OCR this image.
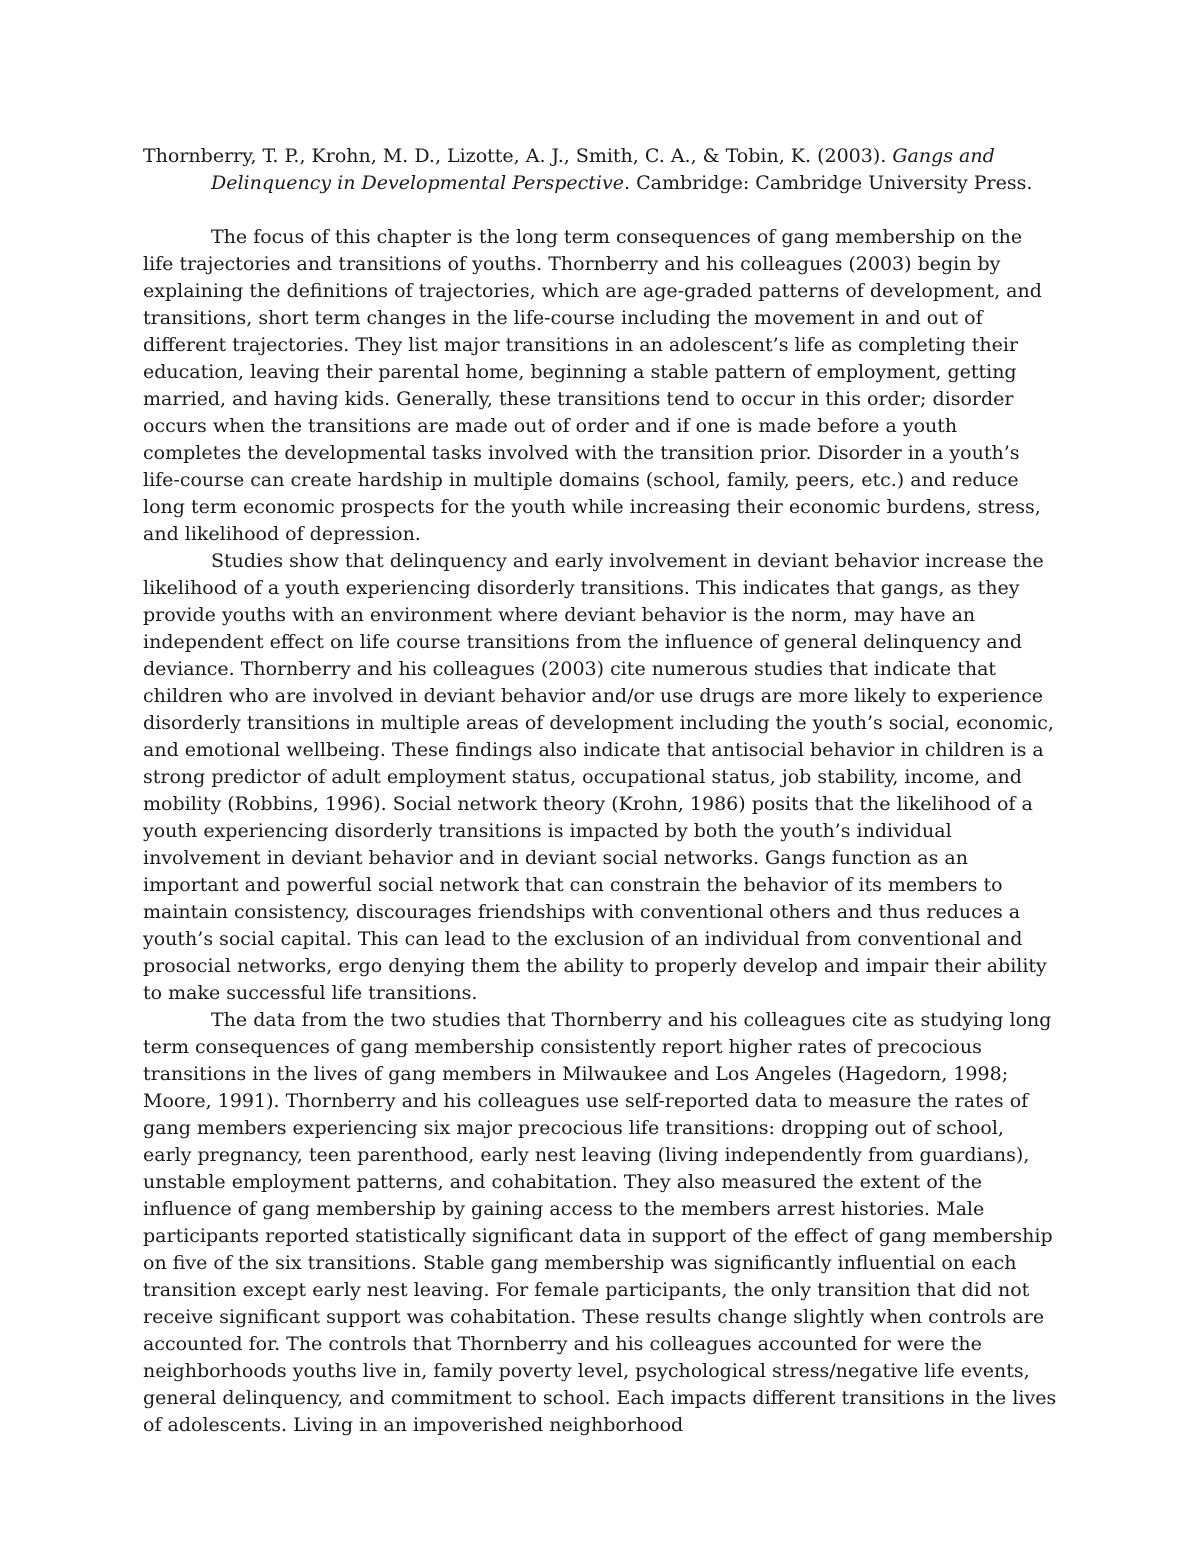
Thornberry, T. P., Krohn, M. D., Lizotte, A. J., Smith, C. A., & Tobin, K. (2003). Gangs and Delinquency in Developmental Perspective. Cambridge: Cambridge University Press.

The focus of this chapter is the long term consequences of gang membership on the life trajectories and transitions of youths. Thornberry and his colleagues (2003) begin by explaining the definitions of trajectories, which are age-graded patterns of development, and transitions, short term changes in the life-course including the movement in and out of different trajectories. They list major transitions in an adolescent’s life as completing their education, leaving their parental home, beginning a stable pattern of employment, getting married, and having kids. Generally, these transitions tend to occur in this order; disorder occurs when the transitions are made out of order and if one is made before a youth completes the developmental tasks involved with the transition prior. Disorder in a youth’s life-course can create hardship in multiple domains (school, family, peers, etc.) and reduce long term economic prospects for the youth while increasing their economic burdens, stress, and likelihood of depression.

Studies show that delinquency and early involvement in deviant behavior increase the likelihood of a youth experiencing disorderly transitions. This indicates that gangs, as they provide youths with an environment where deviant behavior is the norm, may have an independent effect on life course transitions from the influence of general delinquency and deviance. Thornberry and his colleagues (2003) cite numerous studies that indicate that children who are involved in deviant behavior and/or use drugs are more likely to experience disorderly transitions in multiple areas of development including the youth’s social, economic, and emotional wellbeing. These findings also indicate that antisocial behavior in children is a strong predictor of adult employment status, occupational status, job stability, income, and mobility (Robbins, 1996). Social network theory (Krohn, 1986) posits that the likelihood of a youth experiencing disorderly transitions is impacted by both the youth’s individual involvement in deviant behavior and in deviant social networks. Gangs function as an important and powerful social network that can constrain the behavior of its members to maintain consistency, discourages friendships with conventional others and thus reduces a youth’s social capital. This can lead to the exclusion of an individual from conventional and prosocial networks, ergo denying them the ability to properly develop and impair their ability to make successful life transitions.

The data from the two studies that Thornberry and his colleagues cite as studying long term consequences of gang membership consistently report higher rates of precocious transitions in the lives of gang members in Milwaukee and Los Angeles (Hagedorn, 1998; Moore, 1991). Thornberry and his colleagues use self-reported data to measure the rates of gang members experiencing six major precocious life transitions: dropping out of school, early pregnancy, teen parenthood, early nest leaving (living independently from guardians), unstable employment patterns, and cohabitation. They also measured the extent of the influence of gang membership by gaining access to the members arrest histories. Male participants reported statistically significant data in support of the effect of gang membership on five of the six transitions. Stable gang membership was significantly influential on each transition except early nest leaving. For female participants, the only transition that did not receive significant support was cohabitation. These results change slightly when controls are accounted for. The controls that Thornberry and his colleagues accounted for were the neighborhoods youths live in, family poverty level, psychological stress/negative life events, general delinquency, and commitment to school. Each impacts different transitions in the lives of adolescents. Living in an impoverished neighborhood
